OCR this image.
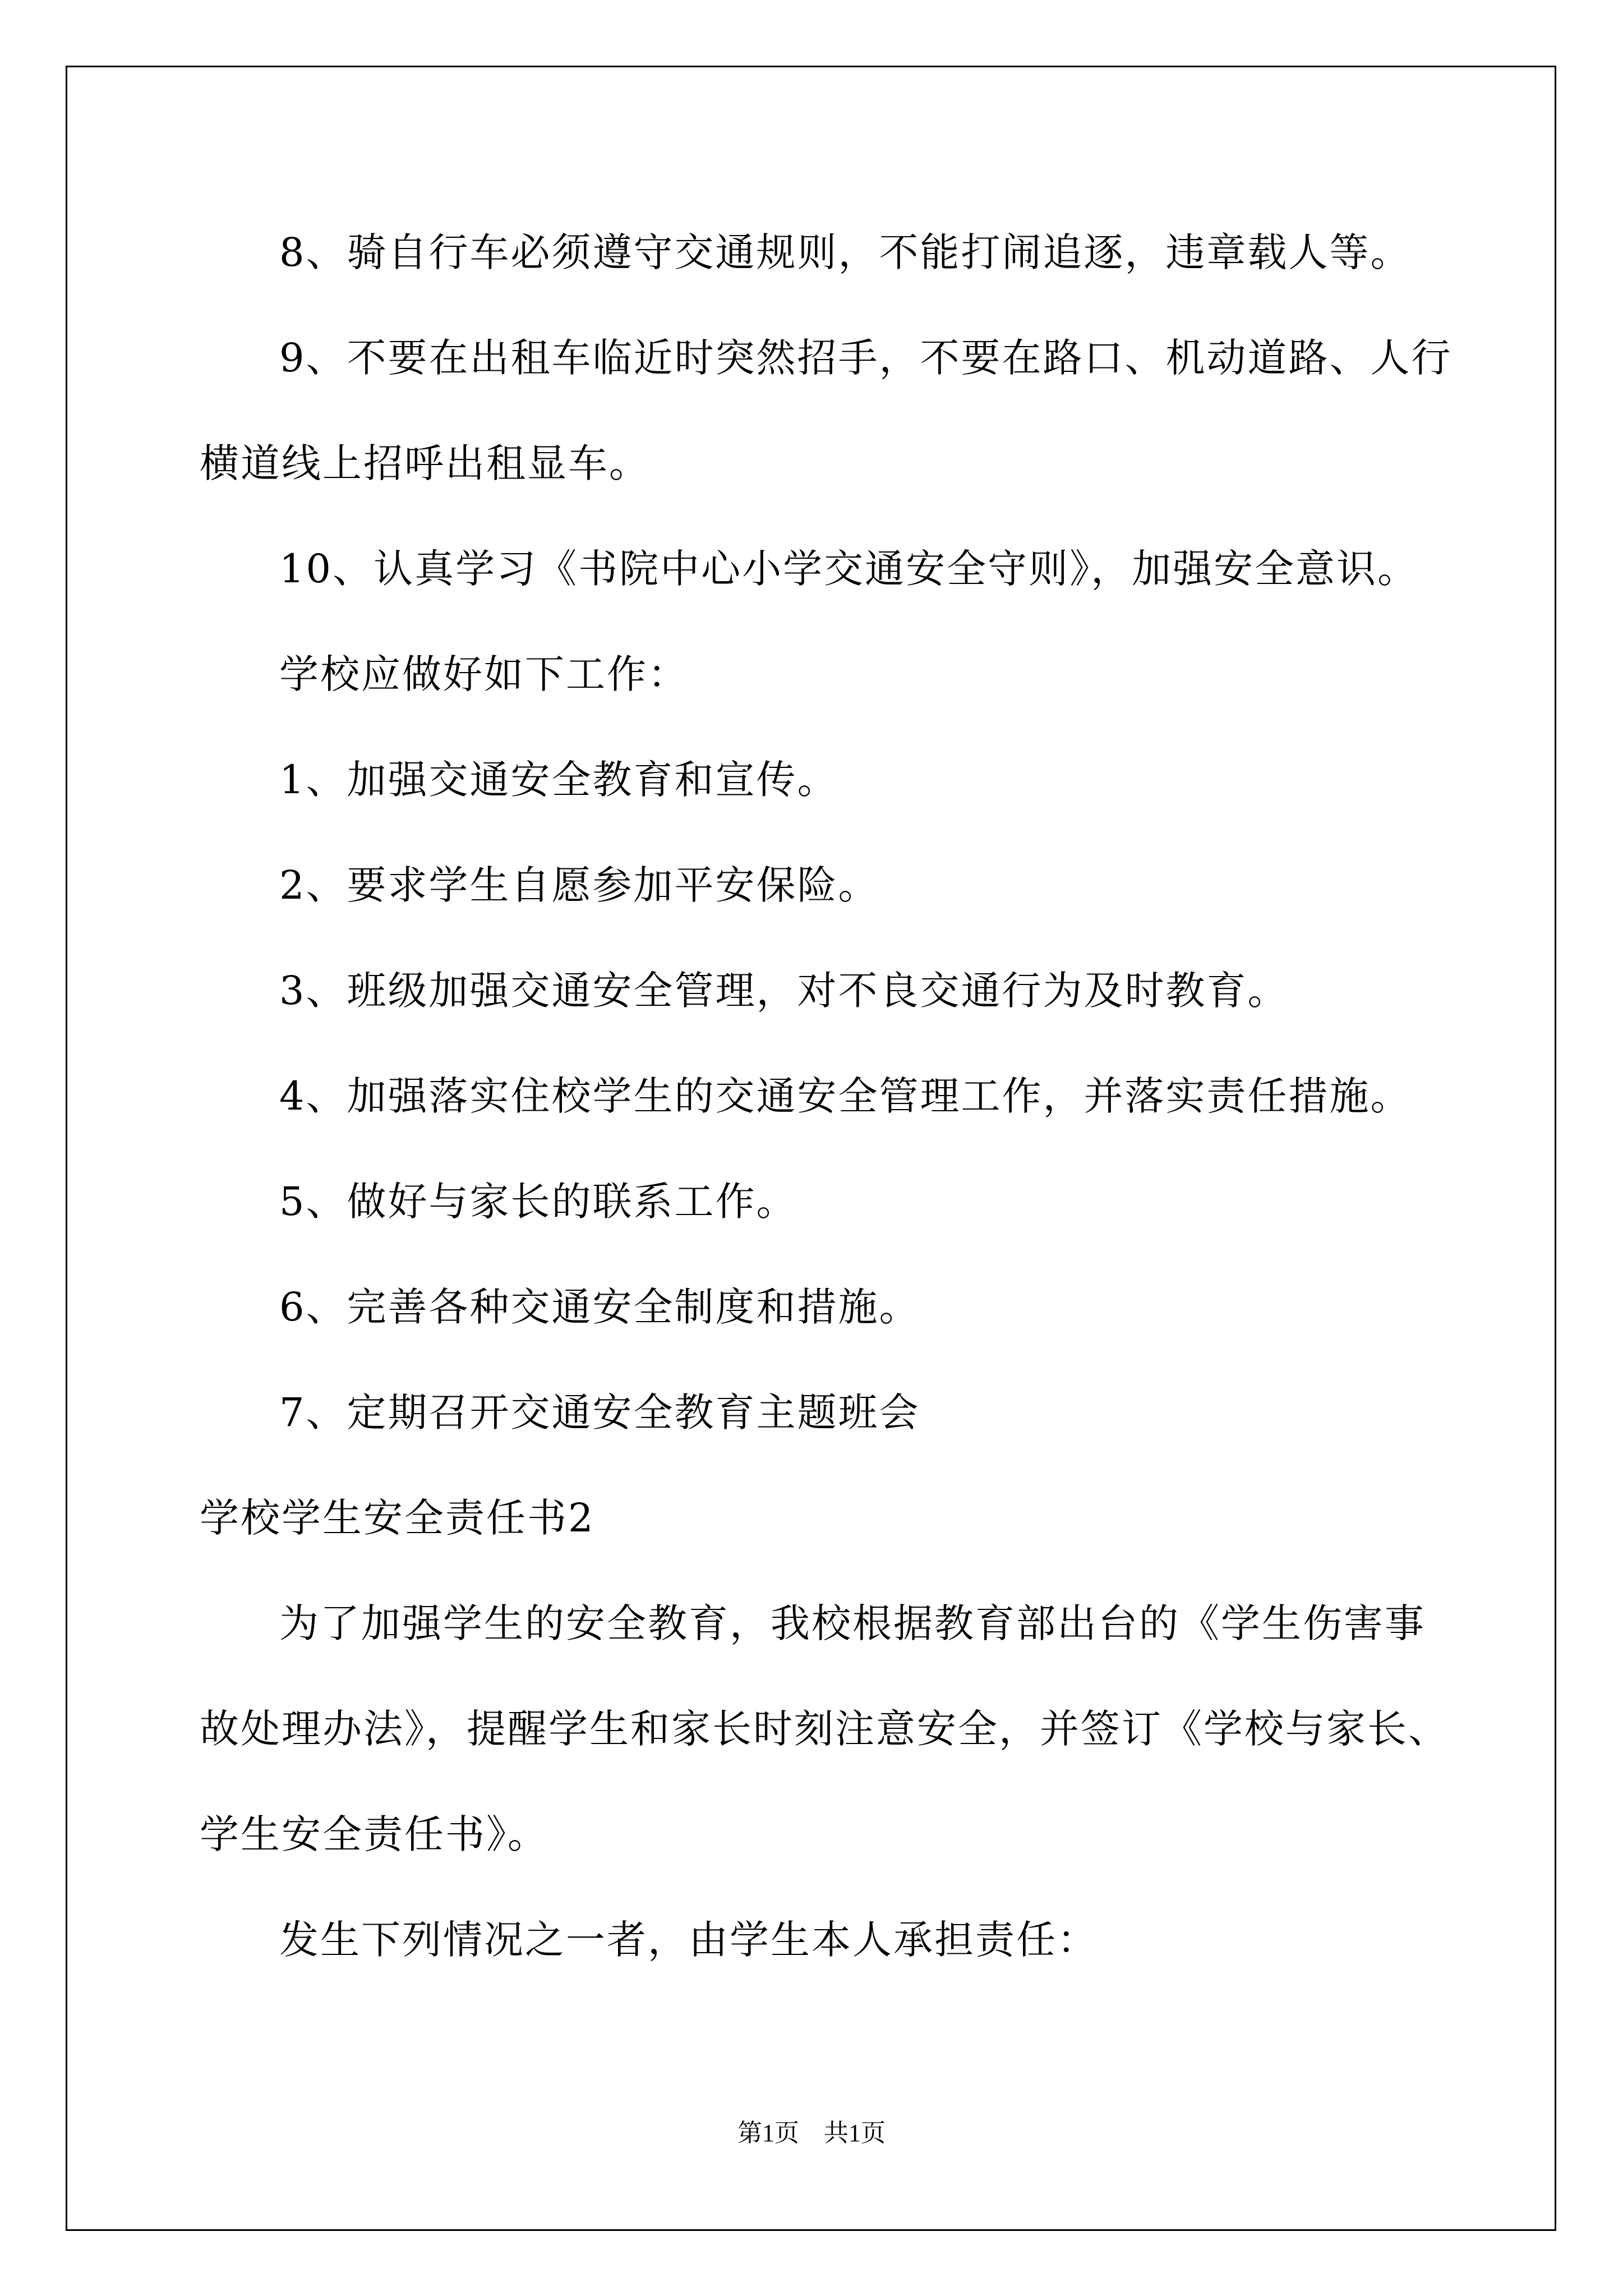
8、骑自行车必须遵守交通规则，不能打闹追逐，违章载人等。
9、不要在出租车临近时突然招手，不要在路口、机动道路、人行
横道线上招呼出租显车。
10、认真学习《书院中心小学交通安全守则》，加强安全意识。
学校应做好如下工作：
1、加强交通安全教育和宣传。
2、要求学生自愿参加平安保险。
3、班级加强交通安全管理，对不良交通行为及时教育。
4、加强落实住校学生的交通安全管理工作，并落实责任措施。
5、做好与家长的联系工作。
6、完善各种交通安全制度和措施。
7、定期召开交通安全教育主题班会
学校学生安全责任书2
为了加强学生的安全教育，我校根据教育部出台的《学生伤害事
故处理办法》，提醒学生和家长时刻注意安全，并签订《学校与家长、
学生安全责任书》。
发生下列情况之一者，由学生本人承担责任：
第1页　共1页
